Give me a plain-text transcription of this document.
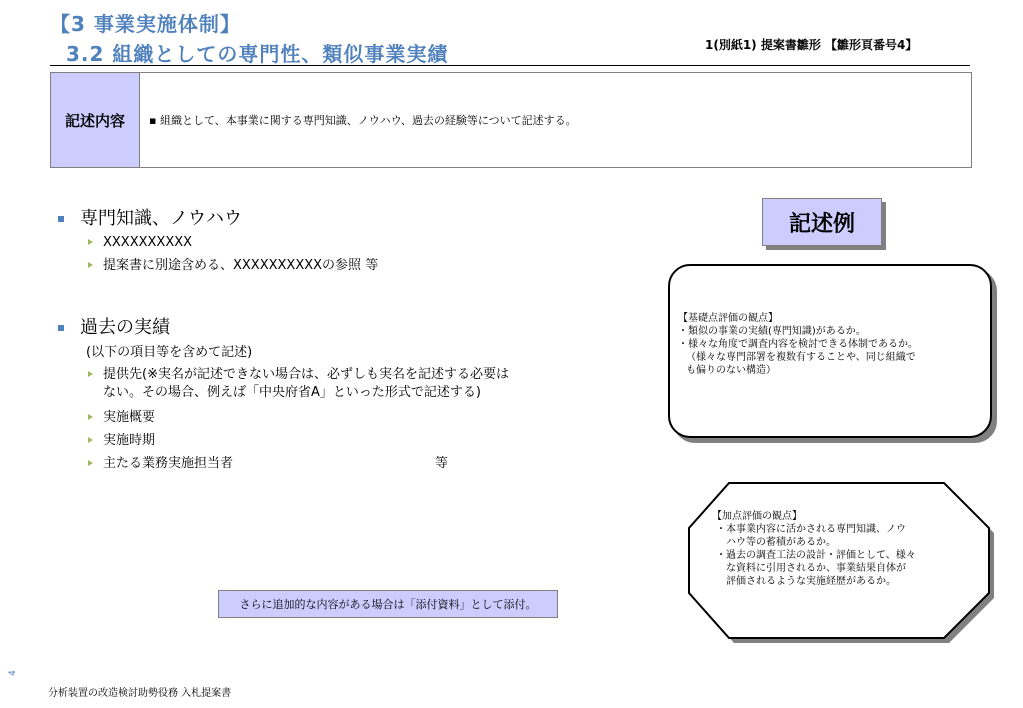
【3 事業実施体制】
3.2 組織としての専門性、類似事業実績	1(別紙1) 提案書雛形 【雛形頁番号4】
記述内容	▪ 組織として、本事業に関する専門知識、ノウハウ、過去の経験等について記述する。
専門知識、ノウハウ
XXXXXXXXXX
提案書に別途含める、XXXXXXXXXXの参照 等
過去の実績
(以下の項目等を含めて記述)
提供先(※実名が記述できない場合は、必ずしも実名を記述する必要は
ない。その場合、例えば「中央府省A」といった形式で記述する)
実施概要
実施時期
主たる業務実施担当者	等
記述例
【基礎点評価の観点】
・類似の事業の実績(専門知識)があるか。
・様々な角度で調査内容を検討できる体制であるか。
（様々な専門部署を複数有することや、同じ組織で
も偏りのない構造）
【加点評価の観点】
・本事業内容に活かされる専門知識、ノウ
ハウ等の蓄積があるか。
・過去の調査工法の設計・評価として、様々
な資料に引用されるか、事業結果自体が
評価されるような実施経歴があるか。
さらに追加的な内容がある場合は「添付資料」として添付。
4
分析装置の改造検討助勢役務 入札提案書
